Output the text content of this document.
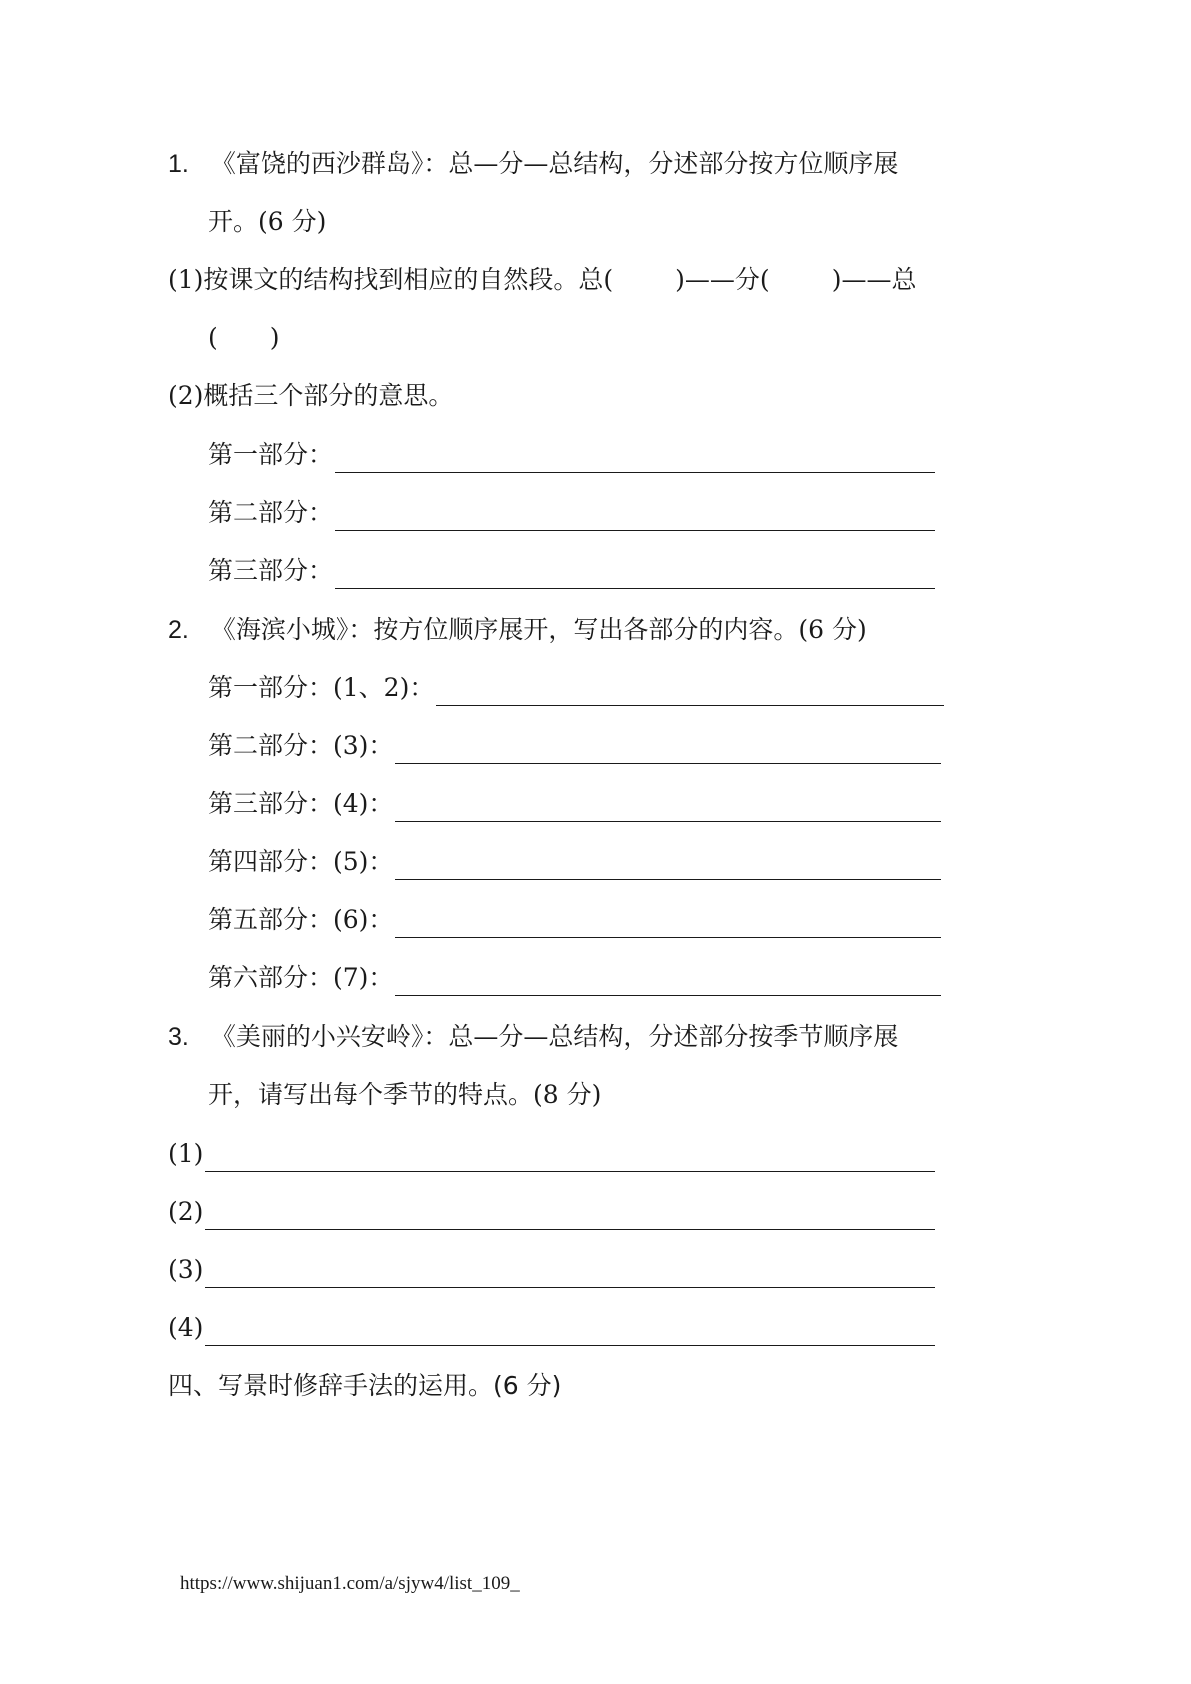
1. 《富饶的西沙群岛》：总—分—总结构，分述部分按方位顺序展
开。(6 分)
(1)按课文的结构找到相应的自然段。总( )——分( )——总
( )
(2)概括三个部分的意思。
第一部分：
第二部分：
第三部分：
2. 《海滨小城》：按方位顺序展开，写出各部分的内容。(6 分)
第一部分：(1、2)：
第二部分：(3)：
第三部分：(4)：
第四部分：(5)：
第五部分：(6)：
第六部分：(7)：
3. 《美丽的小兴安岭》：总—分—总结构，分述部分按季节顺序展
开，请写出每个季节的特点。(8 分)
(1)
(2)
(3)
(4)
四、写景时修辞手法的运用。(6 分)
https://www.shijuan1.com/a/sjyw4/list_109_
